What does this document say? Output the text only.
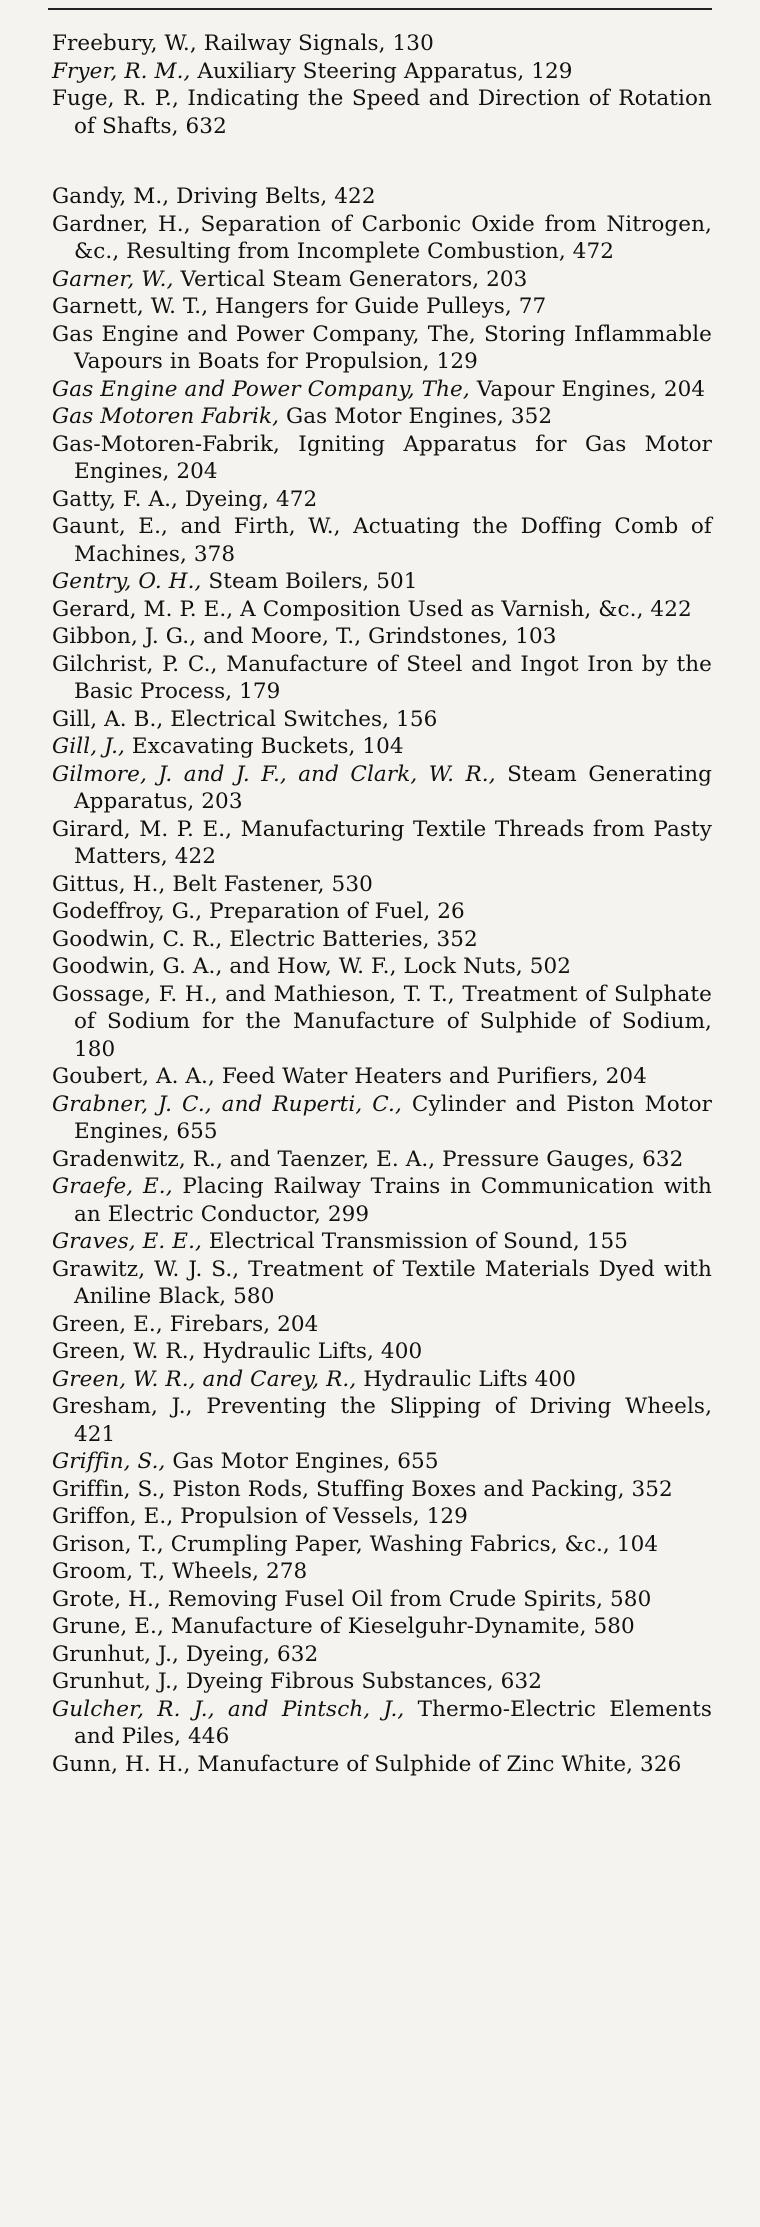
Freebury, W., Railway Signals, 130

Fryer, R. M., Auxiliary Steering Apparatus, 129

Fuge, R. P., Indicating the Speed and Direction of Rotation of Shafts, 632

Gandy, M., Driving Belts, 422

Gardner, H., Separation of Carbonic Oxide from Nitrogen, &c., Resulting from Incomplete Combustion, 472

Garner, W., Vertical Steam Generators, 203

Garnett, W. T., Hangers for Guide Pulleys, 77

Gas Engine and Power Company, The, Storing Inflammable Vapours in Boats for Propulsion, 129

Gas Engine and Power Company, The, Vapour Engines, 204

Gas Motoren Fabrik, Gas Motor Engines, 352

Gas-Motoren-Fabrik, Igniting Apparatus for Gas Motor Engines, 204

Gatty, F. A., Dyeing, 472

Gaunt, E., and Firth, W., Actuating the Doffing Comb of Machines, 378

Gentry, O. H., Steam Boilers, 501

Gerard, M. P. E., A Composition Used as Varnish, &c., 422

Gibbon, J. G., and Moore, T., Grindstones, 103

Gilchrist, P. C., Manufacture of Steel and Ingot Iron by the Basic Process, 179

Gill, A. B., Electrical Switches, 156

Gill, J., Excavating Buckets, 104

Gilmore, J. and J. F., and Clark, W. R., Steam Generating Apparatus, 203

Girard, M. P. E., Manufacturing Textile Threads from Pasty Matters, 422

Gittus, H., Belt Fastener, 530

Godeffroy, G., Preparation of Fuel, 26

Goodwin, C. R., Electric Batteries, 352

Goodwin, G. A., and How, W. F., Lock Nuts, 502

Gossage, F. H., and Mathieson, T. T., Treatment of Sulphate of Sodium for the Manufacture of Sulphide of Sodium, 180

Goubert, A. A., Feed Water Heaters and Purifiers, 204

Grabner, J. C., and Ruperti, C., Cylinder and Piston Motor Engines, 655

Gradenwitz, R., and Taenzer, E. A., Pressure Gauges, 632

Graefe, E., Placing Railway Trains in Communication with an Electric Conductor, 299

Graves, E. E., Electrical Transmission of Sound, 155

Grawitz, W. J. S., Treatment of Textile Materials Dyed with Aniline Black, 580

Green, E., Firebars, 204

Green, W. R., Hydraulic Lifts, 400

Green, W. R., and Carey, R., Hydraulic Lifts 400

Gresham, J., Preventing the Slipping of Driving Wheels, 421

Griffin, S., Gas Motor Engines, 655

Griffin, S., Piston Rods, Stuffing Boxes and Packing, 352

Griffon, E., Propulsion of Vessels, 129

Grison, T., Crumpling Paper, Washing Fabrics, &c., 104

Groom, T., Wheels, 278

Grote, H., Removing Fusel Oil from Crude Spirits, 580

Grune, E., Manufacture of Kieselguhr-Dynamite, 580

Grunhut, J., Dyeing, 632

Grunhut, J., Dyeing Fibrous Substances, 632

Gulcher, R. J., and Pintsch, J., Thermo-Electric Elements and Piles, 446

Gunn, H. H., Manufacture of Sulphide of Zinc White, 326
